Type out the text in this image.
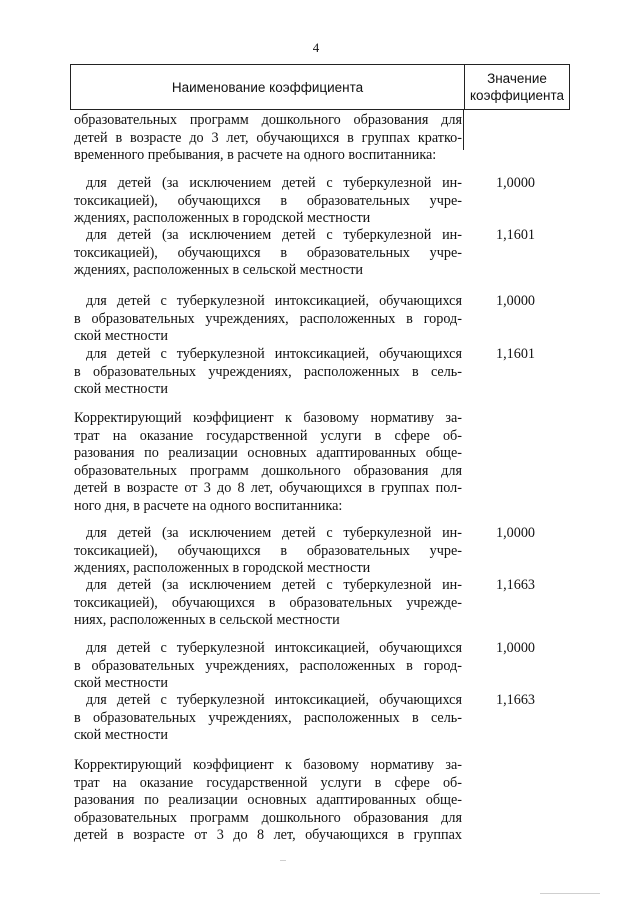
4
Наименование коэффициента
Значение
коэффициента
образовательных программ дошкольного образования для
детей в возрасте до 3 лет, обучающихся в группах кратко-
временного пребывания, в расчете на одного воспитанника:
для детей (за исключением детей с туберкулезной ин-
токсикацией), обучающихся в образовательных учре-
ждениях, расположенных в городской местности
1,0000
для детей (за исключением детей с туберкулезной ин-
токсикацией), обучающихся в образовательных учре-
ждениях, расположенных в сельской местности
1,1601
для детей с туберкулезной интоксикацией, обучающихся
в образовательных учреждениях, расположенных в город-
ской местности
1,0000
для детей с туберкулезной интоксикацией, обучающихся
в образовательных учреждениях, расположенных в сель-
ской местности
1,1601
Корректирующий коэффициент к базовому нормативу за-
трат на оказание государственной услуги в сфере об-
разования по реализации основных адаптированных обще-
образовательных программ дошкольного образования для
детей в возрасте от 3 до 8 лет, обучающихся в группах пол-
ного дня, в расчете на одного воспитанника:
для детей (за исключением детей с туберкулезной ин-
токсикацией), обучающихся в образовательных учре-
ждениях, расположенных в городской местности
1,0000
для детей (за исключением детей с туберкулезной ин-
токсикацией), обучающихся в образовательных учрежде-
ниях, расположенных в сельской местности
1,1663
для детей с туберкулезной интоксикацией, обучающихся
в образовательных учреждениях, расположенных в город-
ской местности
1,0000
для детей с туберкулезной интоксикацией, обучающихся
в образовательных учреждениях, расположенных в сель-
ской местности
1,1663
Корректирующий коэффициент к базовому нормативу за-
трат на оказание государственной услуги в сфере об-
разования по реализации основных адаптированных обще-
образовательных программ дошкольного образования для
детей в возрасте от 3 до 8 лет, обучающихся в группах
